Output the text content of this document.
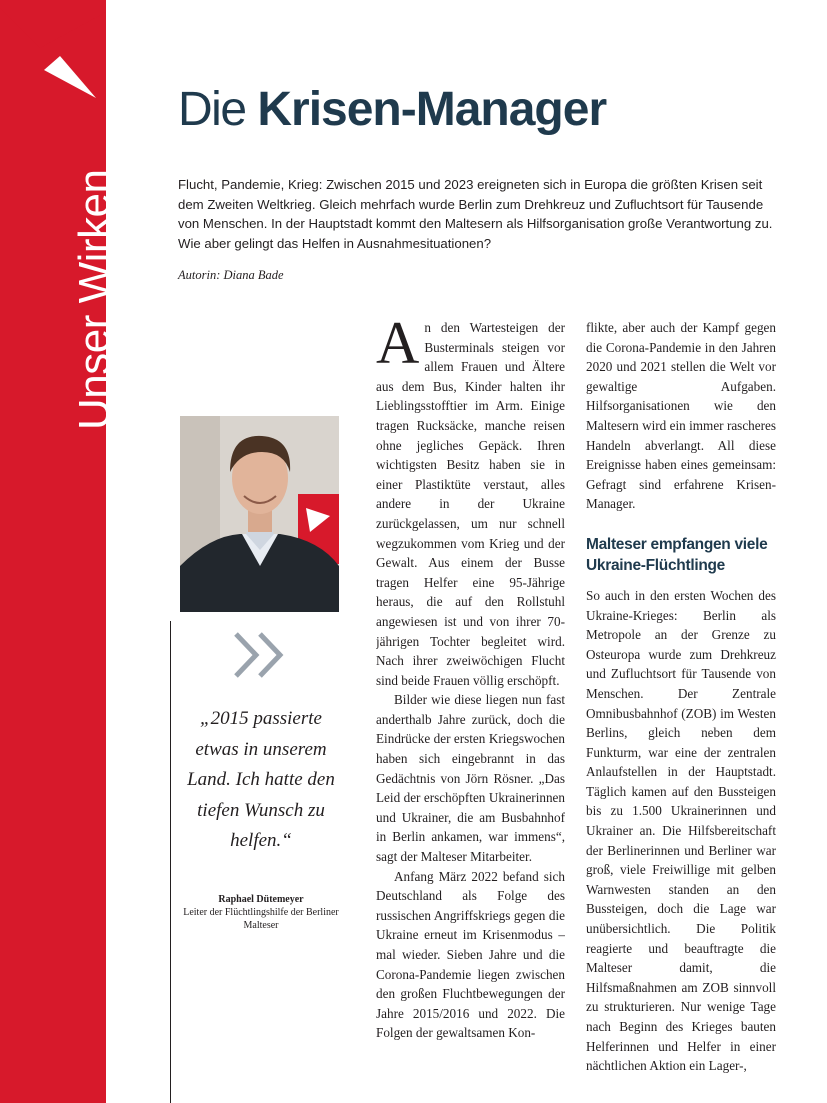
Unser Wirken
Die Krisen-Manager

Flucht, Pandemie, Krieg: Zwischen 2015 und 2023 ereigneten sich in Europa die größten Krisen seit dem Zweiten Weltkrieg. Gleich mehrfach wurde Berlin zum Drehkreuz und Zufluchtsort für Tausende von Menschen. In der Hauptstadt kommt den Maltesern als Hilfsorganisation große Verantwortung zu. Wie aber gelingt das Helfen in Ausnahmesituationen?

Autorin: Diana Bade

„2015 passierte etwas in unserem Land. Ich hatte den tiefen Wunsch zu helfen.“

Raphael Dütemeyer
Leiter der Flüchtlingshilfe der Berliner Malteser

An den Wartesteigen der Busterminals steigen vor allem Frauen und Ältere aus dem Bus, Kinder halten ihr Lieblingsstofftier im Arm. Einige tragen Rucksäcke, manche reisen ohne jegliches Gepäck. Ihren wichtigsten Besitz haben sie in einer Plastiktüte verstaut, alles andere in der Ukraine zurückgelassen, um nur schnell wegzukommen vom Krieg und der Gewalt. Aus einem der Busse tragen Helfer eine 95-Jährige heraus, die auf den Rollstuhl angewiesen ist und von ihrer 70-jährigen Tochter begleitet wird. Nach ihrer zweiwöchigen Flucht sind beide Frauen völlig erschöpft.

Bilder wie diese liegen nun fast anderthalb Jahre zurück, doch die Eindrücke der ersten Kriegswochen haben sich eingebrannt in das Gedächtnis von Jörn Rösner. „Das Leid der erschöpften Ukrainerinnen und Ukrainer, die am Busbahnhof in Berlin ankamen, war immens“, sagt der Malteser Mitarbeiter.

Anfang März 2022 befand sich Deutschland als Folge des russischen Angriffskriegs gegen die Ukraine erneut im Krisenmodus – mal wieder. Sieben Jahre und die Corona-Pandemie liegen zwischen den großen Fluchtbewegungen der Jahre 2015/2016 und 2022. Die Folgen der gewaltsamen Kon-

flikte, aber auch der Kampf gegen die Corona-Pandemie in den Jahren 2020 und 2021 stellen die Welt vor gewaltige Aufgaben. Hilfsorganisationen wie den Maltesern wird ein immer rascheres Handeln abverlangt. All diese Ereignisse haben eines gemeinsam: Gefragt sind erfahrene Krisen-Manager.

Malteser empfangen viele Ukraine-Flüchtlinge

So auch in den ersten Wochen des Ukraine-Krieges: Berlin als Metropole an der Grenze zu Osteuropa wurde zum Drehkreuz und Zufluchtsort für Tausende von Menschen. Der Zentrale Omnibusbahnhof (ZOB) im Westen Berlins, gleich neben dem Funkturm, war eine der zentralen Anlaufstellen in der Hauptstadt. Täglich kamen auf den Bussteigen bis zu 1.500 Ukrainerinnen und Ukrainer an. Die Hilfsbereitschaft der Berlinerinnen und Berliner war groß, viele Freiwillige mit gelben Warnwesten standen an den Bussteigen, doch die Lage war unübersichtlich. Die Politik reagierte und beauftragte die Malteser damit, die Hilfsmaßnahmen am ZOB sinnvoll zu strukturieren. Nur wenige Tage nach Beginn des Krieges bauten Helferinnen und Helfer in einer nächtlichen Aktion ein Lager-,
